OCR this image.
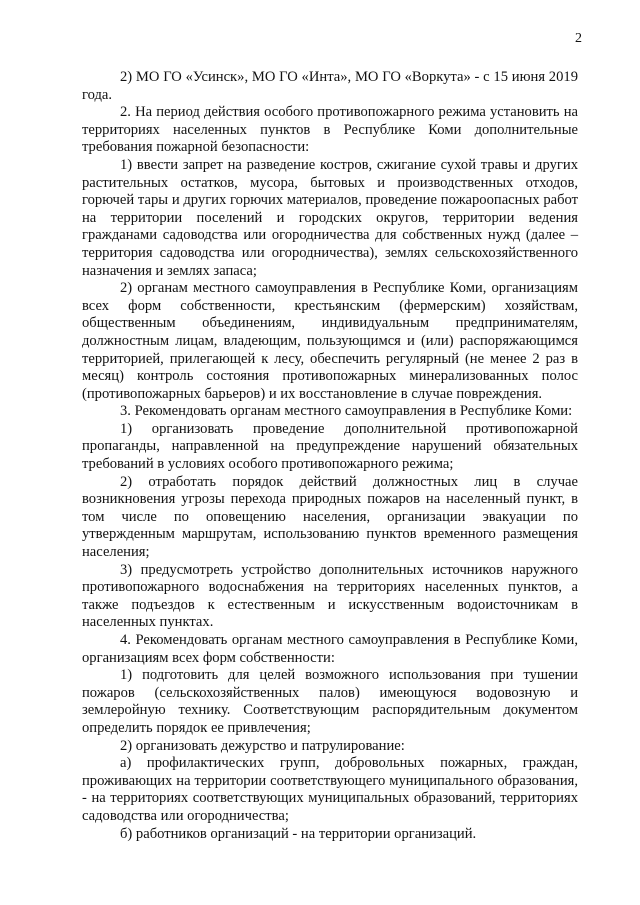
2

2) МО ГО «Усинск», МО ГО «Инта», МО ГО «Воркута» - с 15 июня 2019 года.

2. На период действия особого противопожарного режима установить на территориях населенных пунктов в Республике Коми дополнительные требования пожарной безопасности:

1) ввести запрет на разведение костров, сжигание сухой травы и других растительных остатков, мусора, бытовых и производственных отходов, горючей тары и других горючих материалов, проведение пожароопасных работ на территории поселений и городских округов, территории ведения гражданами садоводства или огородничества для собственных нужд (далее – территория садоводства или огородничества), землях сельскохозяйственного назначения и землях запаса;

2) органам местного самоуправления в Республике Коми, организациям всех форм собственности, крестьянским (фермерским) хозяйствам, общественным объединениям, индивидуальным предпринимателям, должностным лицам, владеющим, пользующимся и (или) распоряжающимся территорией, прилегающей к лесу, обеспечить регулярный (не менее 2 раз в месяц) контроль состояния противопожарных минерализованных полос (противопожарных барьеров) и их восстановление в случае повреждения.

3. Рекомендовать органам местного самоуправления в Республике Коми:

1) организовать проведение дополнительной противопожарной пропаганды, направленной на предупреждение нарушений обязательных требований в условиях особого противопожарного режима;

2) отработать порядок действий должностных лиц в случае возникновения угрозы перехода природных пожаров на населенный пункт, в том числе по оповещению населения, организации эвакуации по утвержденным маршрутам, использованию пунктов временного размещения населения;

3) предусмотреть устройство дополнительных источников наружного противопожарного водоснабжения на территориях населенных пунктов, а также подъездов к естественным и искусственным водоисточникам в населенных пунктах.

4. Рекомендовать органам местного самоуправления в Республике Коми, организациям всех форм собственности:

1) подготовить для целей возможного использования при тушении пожаров (сельскохозяйственных палов) имеющуюся водовозную и землеройную технику. Соответствующим распорядительным документом определить порядок ее привлечения;

2) организовать дежурство и патрулирование:

а) профилактических групп, добровольных пожарных, граждан, проживающих на территории соответствующего муниципального образования, - на территориях соответствующих муниципальных образований, территориях садоводства или огородничества;

б) работников организаций - на территории организаций.
